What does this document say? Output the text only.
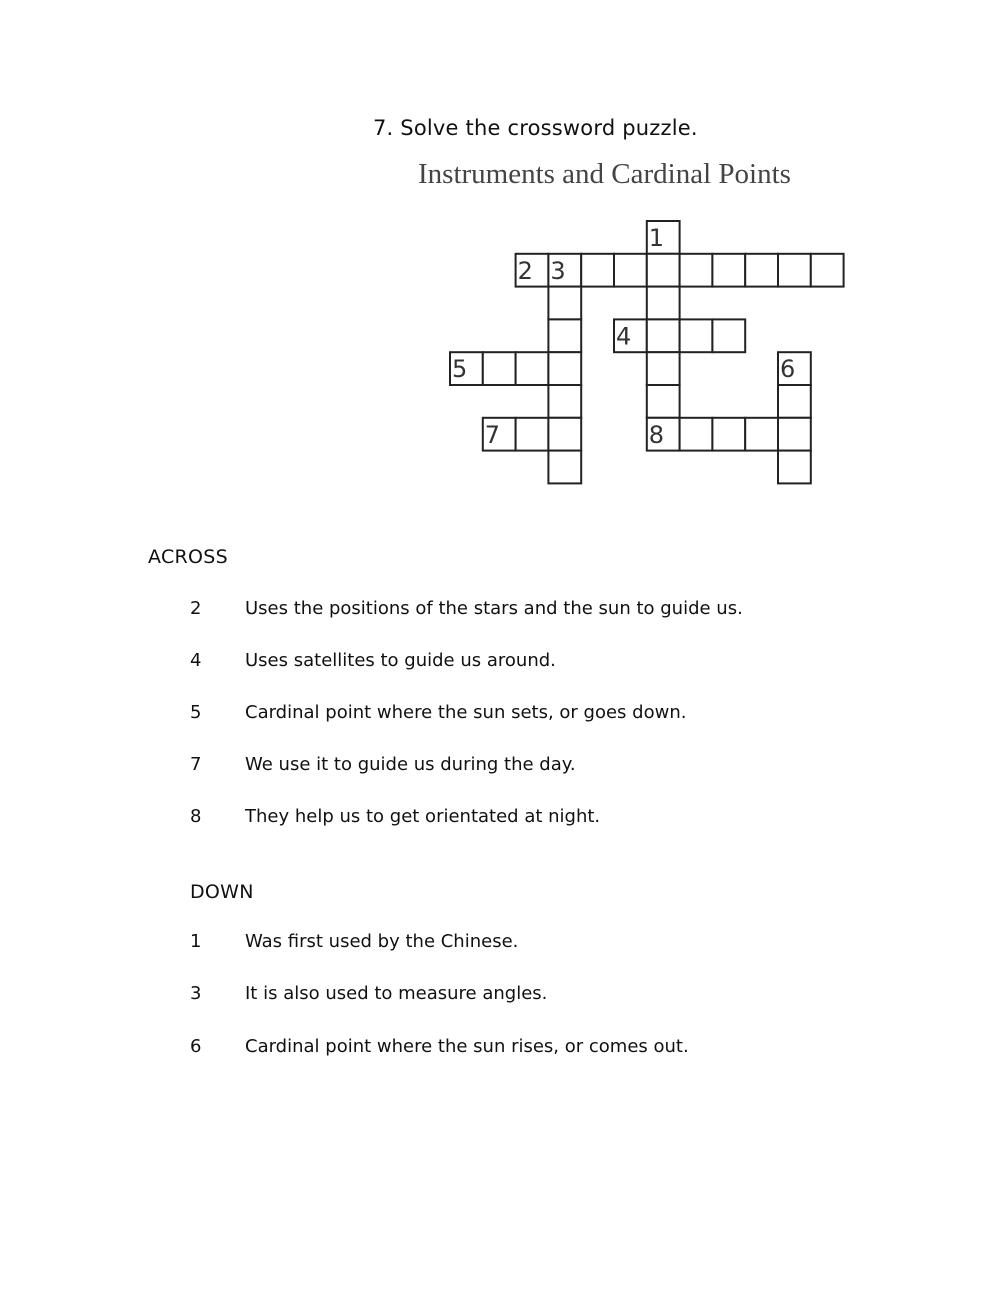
7. Solve the crossword puzzle.
Instruments and Cardinal Points
1
2 3
4
5	6
7	8
ACROSS
2 Uses the positions of the stars and the sun to guide us.
4 Uses satellites to guide us around.
5 Cardinal point where the sun sets, or goes down.
7 We use it to guide us during the day.
8 They help us to get orientated at night.
DOWN
1 Was first used by the Chinese.
3 It is also used to measure angles.
6 Cardinal point where the sun rises, or comes out.
